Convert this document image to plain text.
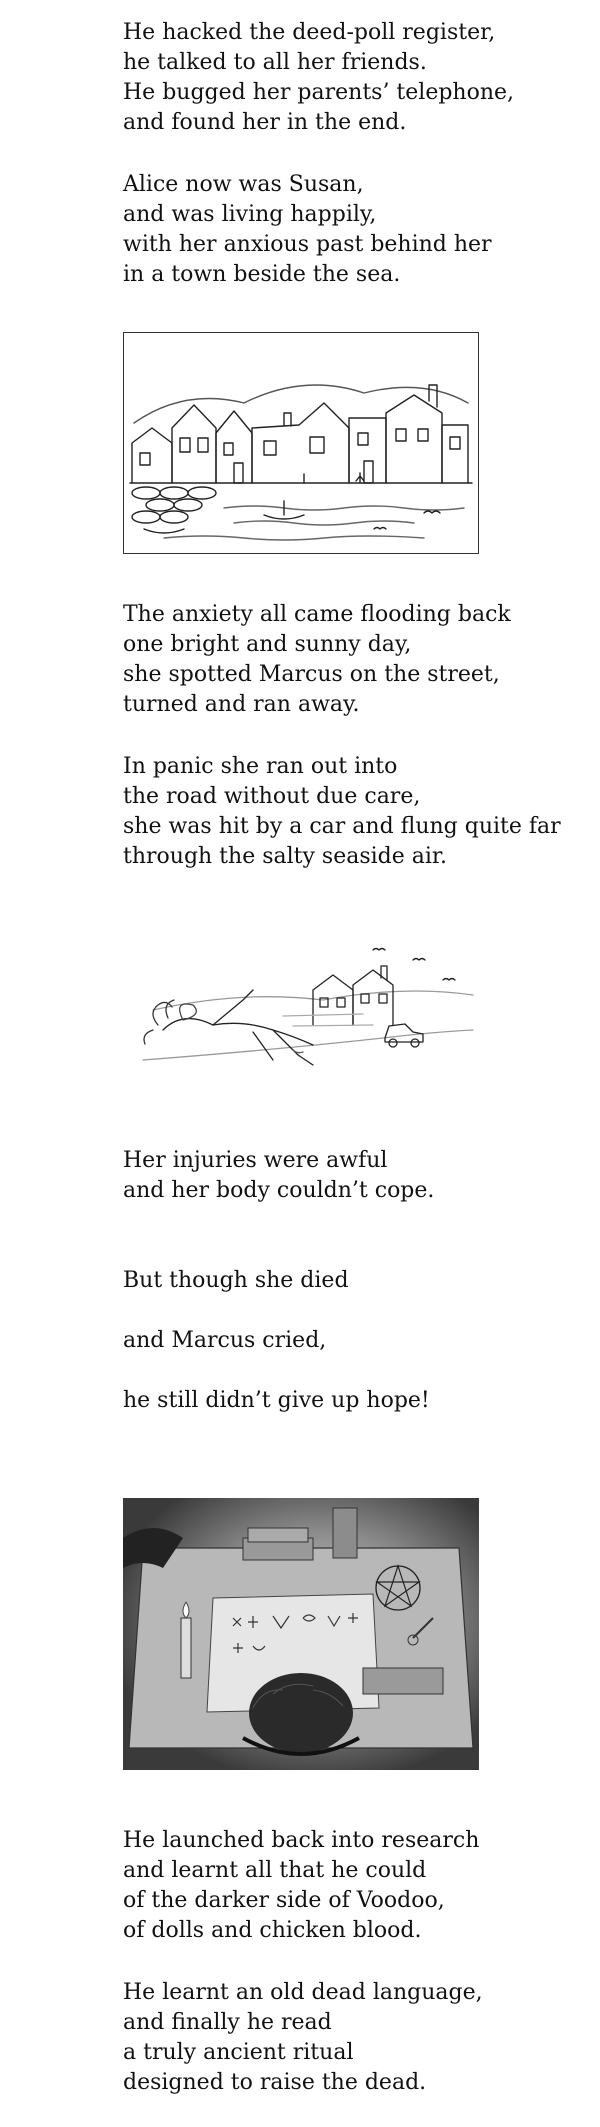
He hacked the deed-poll register,
he talked to all her friends.
He bugged her parents’ telephone,
and found her in the end.
Alice now was Susan,
and was living happily,
with her anxious past behind her
in a town beside the sea.
The anxiety all came flooding back
one bright and sunny day,
she spotted Marcus on the street,
turned and ran away.
In panic she ran out into
the road without due care,
she was hit by a car and flung quite far
through the salty seaside air.
Her injuries were awful
and her body couldn’t cope.
But though she died
and Marcus cried,
he still didn’t give up hope!
He launched back into research
and learnt all that he could
of the darker side of Voodoo,
of dolls and chicken blood.
He learnt an old dead language,
and finally he read
a truly ancient ritual
designed to raise the dead.
